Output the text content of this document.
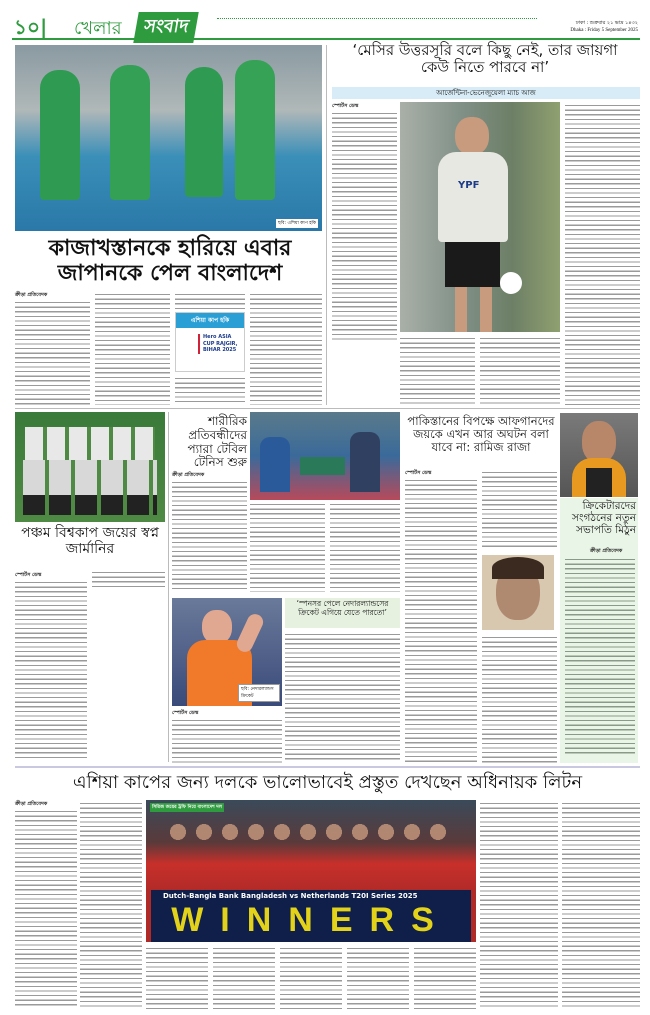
১০| খেলার	সংবাদ	ঢাকা : শুক্রবার ২১ ভাদ্র ১৪৩২
Dhaka : Friday 5 September 2025
ছবি: এশিয়া কাপ হকি
কাজাখস্তানকে হারিয়ে এবার জাপানকে পেল বাংলাদেশ
ক্রীড়া প্রতিবেদক
এশিয়া কাপ হকি
Hero ASIA CUP RAJGIR, BIHAR 2025
‘মেসির উত্তরসূরি বলে কিছু নেই, তার জায়গা কেউ নিতে পারবে না’
আর্জেন্টিনা-ভেনেজুয়েলা ম্যাচ আজ
স্পোর্টস ডেস্ক
YPF
পঞ্চম বিশ্বকাপ জয়ের স্বপ্ন জার্মানির
স্পোর্টস ডেস্ক
শারীরিক প্রতিবন্ধীদের প্যারা টেবিল টেনিস শুরু
ক্রীড়া প্রতিবেদক
পাকিস্তানের বিপক্ষে আফগানদের জয়কে এখন আর অঘটন বলা যাবে না: রামিজ রাজা
স্পোর্টস ডেস্ক
ক্রিকেটারদের সংগঠনের নতুন সভাপতি মিঠুন
ক্রীড়া প্রতিবেদক
ছবি: নেদারল্যান্ডস ক্রিকেট
‘স্পনসর পেলে নেদারল্যান্ডসের ক্রিকেট এগিয়ে যেতে পারতো’
স্পোর্টস ডেস্ক
এশিয়া কাপের জন্য দলকে ভালোভাবেই প্রস্তুত দেখছেন অধিনায়ক লিটন
ক্রীড়া প্রতিবেদক
সিরিজ জয়ের ট্রফি নিয়ে বাংলাদেশ দল
Dutch-Bangla Bank Bangladesh vs Netherlands T20I Series 2025
WINNERS
